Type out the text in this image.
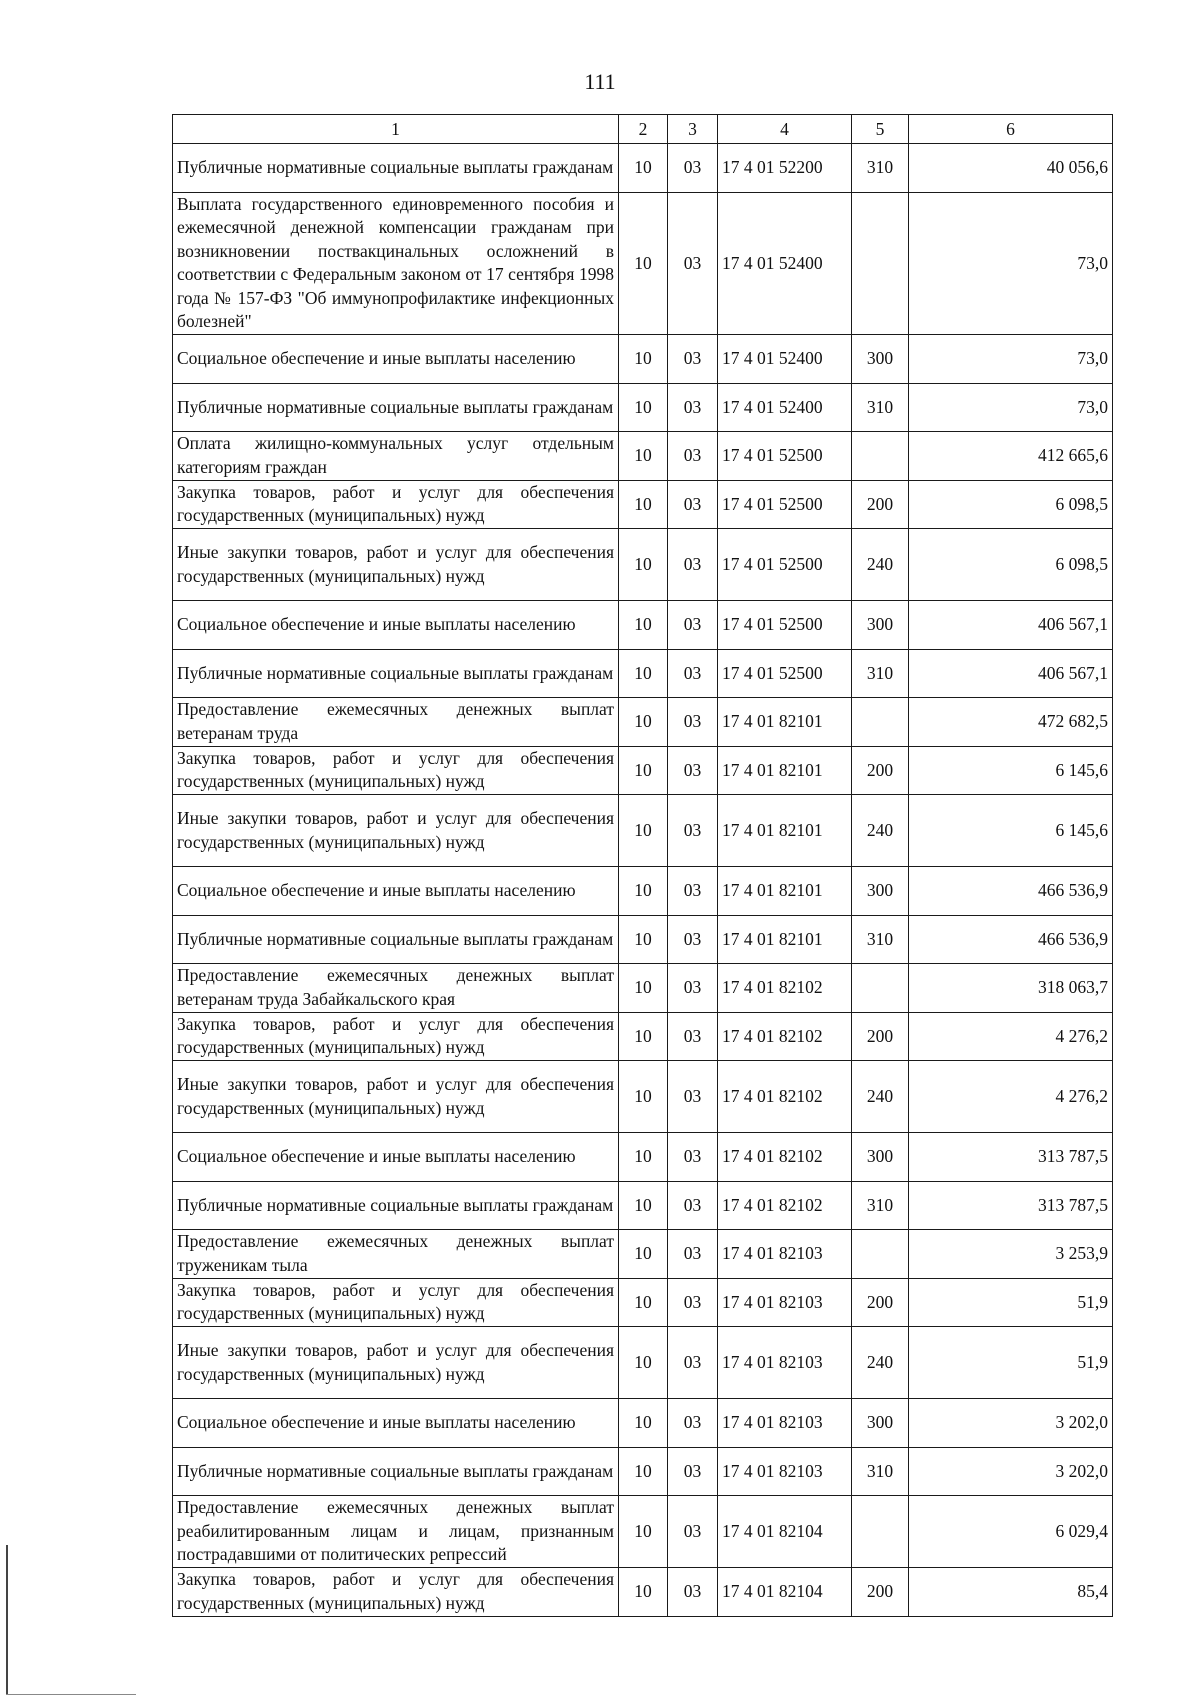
111
1	2	3	4	5	6
Публичные нормативные социальные выплаты гражданам	10	03	17 4 01 52200	310	40 056,6
Выплата государственного единовременного пособия и ежемесячной денежной компенсации гражданам при возникновении поствакцинальных осложнений в соответствии с Федеральным законом от 17 сентября 1998 года № 157-ФЗ "Об иммунопрофилактике инфекционных болезней"	10	03	17 4 01 52400		73,0
Социальное обеспечение и иные выплаты населению	10	03	17 4 01 52400	300	73,0
Публичные нормативные социальные выплаты гражданам	10	03	17 4 01 52400	310	73,0
Оплата жилищно-коммунальных услуг отдельным категориям граждан	10	03	17 4 01 52500		412 665,6
Закупка товаров, работ и услуг для обеспечения государственных (муниципальных) нужд	10	03	17 4 01 52500	200	6 098,5
Иные закупки товаров, работ и услуг для обеспечения государственных (муниципальных) нужд	10	03	17 4 01 52500	240	6 098,5
Социальное обеспечение и иные выплаты населению	10	03	17 4 01 52500	300	406 567,1
Публичные нормативные социальные выплаты гражданам	10	03	17 4 01 52500	310	406 567,1
Предоставление ежемесячных денежных выплат ветеранам труда	10	03	17 4 01 82101		472 682,5
Закупка товаров, работ и услуг для обеспечения государственных (муниципальных) нужд	10	03	17 4 01 82101	200	6 145,6
Иные закупки товаров, работ и услуг для обеспечения государственных (муниципальных) нужд	10	03	17 4 01 82101	240	6 145,6
Социальное обеспечение и иные выплаты населению	10	03	17 4 01 82101	300	466 536,9
Публичные нормативные социальные выплаты гражданам	10	03	17 4 01 82101	310	466 536,9
Предоставление ежемесячных денежных выплат ветеранам труда Забайкальского края	10	03	17 4 01 82102		318 063,7
Закупка товаров, работ и услуг для обеспечения государственных (муниципальных) нужд	10	03	17 4 01 82102	200	4 276,2
Иные закупки товаров, работ и услуг для обеспечения государственных (муниципальных) нужд	10	03	17 4 01 82102	240	4 276,2
Социальное обеспечение и иные выплаты населению	10	03	17 4 01 82102	300	313 787,5
Публичные нормативные социальные выплаты гражданам	10	03	17 4 01 82102	310	313 787,5
Предоставление ежемесячных денежных выплат труженикам тыла	10	03	17 4 01 82103		3 253,9
Закупка товаров, работ и услуг для обеспечения государственных (муниципальных) нужд	10	03	17 4 01 82103	200	51,9
Иные закупки товаров, работ и услуг для обеспечения государственных (муниципальных) нужд	10	03	17 4 01 82103	240	51,9
Социальное обеспечение и иные выплаты населению	10	03	17 4 01 82103	300	3 202,0
Публичные нормативные социальные выплаты гражданам	10	03	17 4 01 82103	310	3 202,0
Предоставление ежемесячных денежных выплат реабилитированным лицам и лицам, признанным пострадавшими от политических репрессий	10	03	17 4 01 82104		6 029,4
Закупка товаров, работ и услуг для обеспечения государственных (муниципальных) нужд	10	03	17 4 01 82104	200	85,4
